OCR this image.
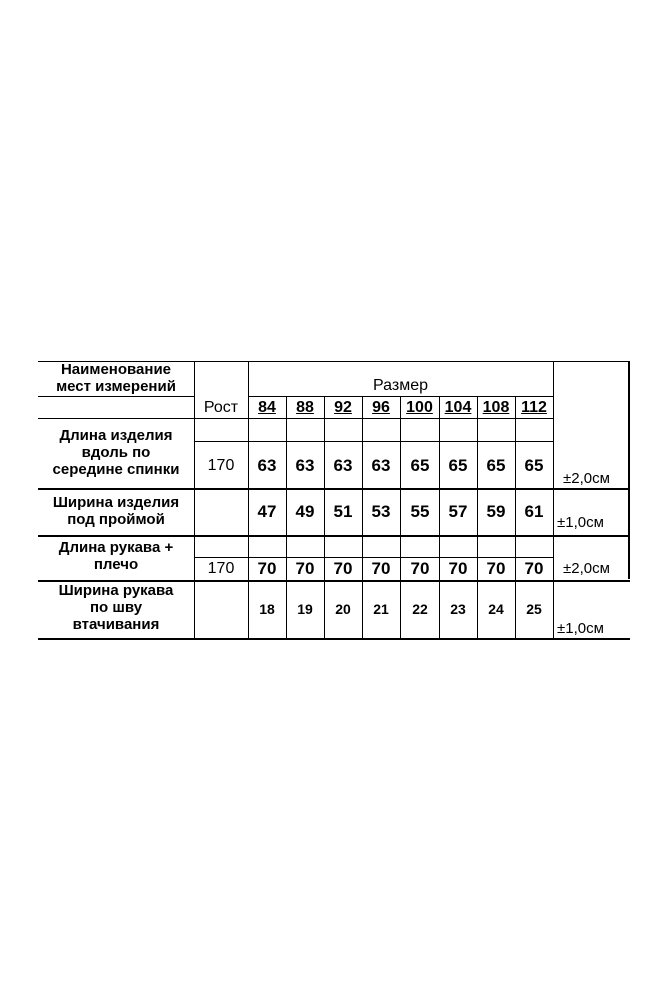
Наименование
мест измерений
Рост
Размер
84	88	92	96	100 104 108 112
Длина изделия
вдоль по
середине спинки	170	63	63	63	63	65	65	65	65
±2,0см
Ширина изделия
под проймой	47	49	51	53	55	57	59	61
±1,0см
Длина рукава +
плечо	170	70	70	70	70	70	70	70	70	±2,0см
Ширина рукава
по шву
втачивания
18	19	20	21	22	23	24	25
±1,0см
